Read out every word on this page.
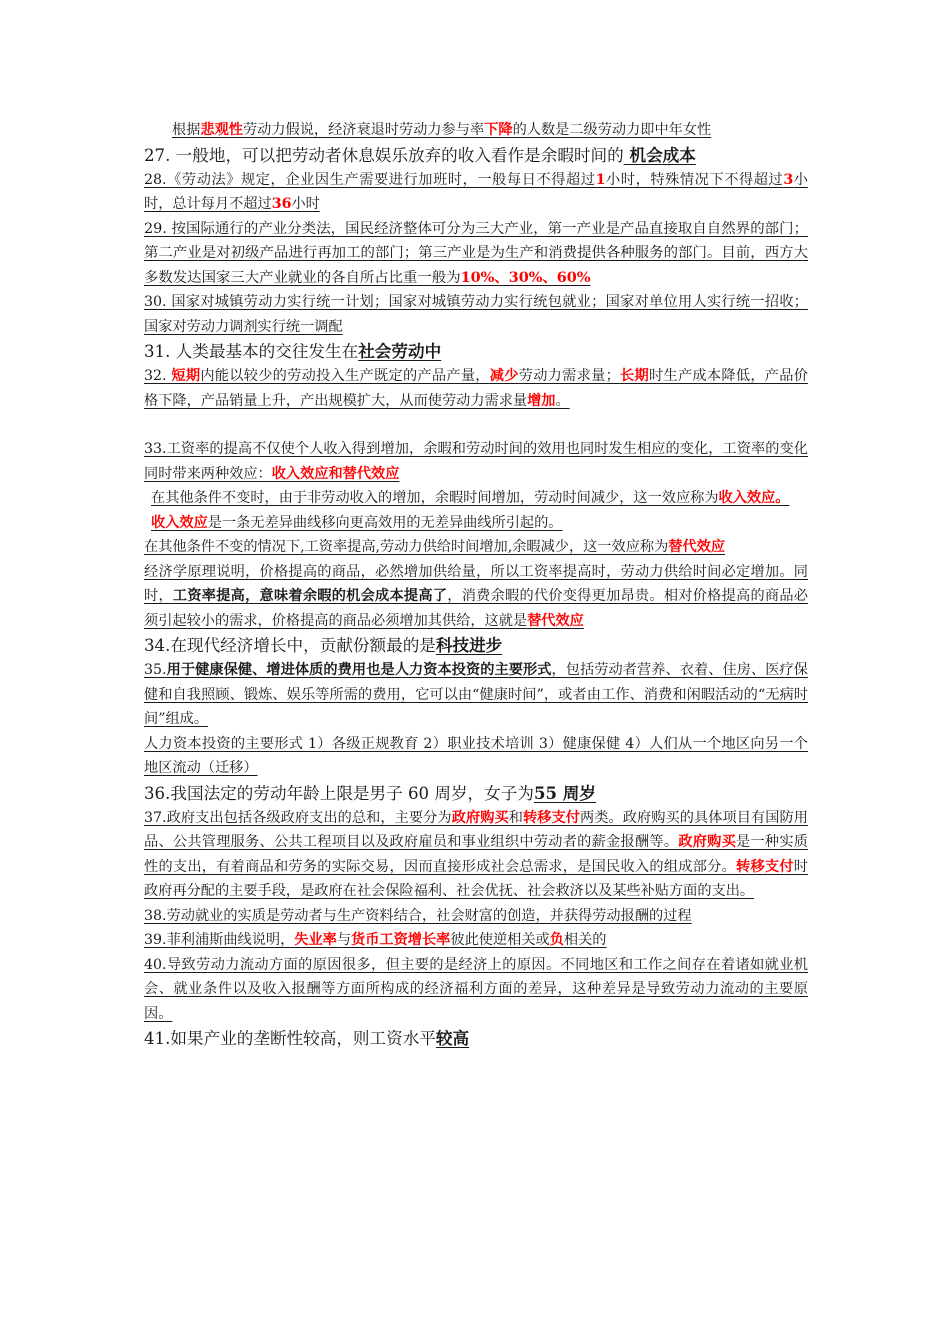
根据悲观性劳动力假说，经济衰退时劳动力参与率下降的人数是二级劳动力即中年女性

27. 一般地，可以把劳动者休息娱乐放弃的收入看作是余暇时间的 机会成本

28.《劳动法》规定，企业因生产需要进行加班时，一般每日不得超过1小时，特殊情况下不得超过3小时，总计每月不超过36小时

29. 按国际通行的产业分类法，国民经济整体可分为三大产业，第一产业是产品直接取自自然界的部门；第二产业是对初级产品进行再加工的部门；第三产业是为生产和消费提供各种服务的部门。目前，西方大多数发达国家三大产业就业的各自所占比重一般为10%、30%、60%

30. 国家对城镇劳动力实行统一计划；国家对城镇劳动力实行统包就业；国家对单位用人实行统一招收；国家对劳动力调剂实行统一调配

31. 人类最基本的交往发生在社会劳动中

32. 短期内能以较少的劳动投入生产既定的产品产量，减少劳动力需求量；长期时生产成本降低，产品价格下降，产品销量上升，产出规模扩大，从而使劳动力需求量增加。

33.工资率的提高不仅使个人收入得到增加，余暇和劳动时间的效用也同时发生相应的变化，工资率的变化同时带来两种效应：收入效应和替代效应

在其他条件不变时，由于非劳动收入的增加，余暇时间增加，劳动时间减少，这一效应称为收入效应。

收入效应是一条无差异曲线移向更高效用的无差异曲线所引起的。

在其他条件不变的情况下,工资率提高,劳动力供给时间增加,余暇减少，这一效应称为替代效应

经济学原理说明，价格提高的商品，必然增加供给量，所以工资率提高时，劳动力供给时间必定增加。同时，工资率提高，意味着余暇的机会成本提高了，消费余暇的代价变得更加昂贵。相对价格提高的商品必须引起较小的需求，价格提高的商品必须增加其供给，这就是替代效应

34.在现代经济增长中，贡献份额最的是科技进步

35.用于健康保健、增进体质的费用也是人力资本投资的主要形式，包括劳动者营养、衣着、住房、医疗保健和自我照顾、锻炼、娱乐等所需的费用，它可以由“健康时间”，或者由工作、消费和闲暇活动的“无病时间”组成。

人力资本投资的主要形式 1）各级正规教育 2）职业技术培训 3）健康保健 4）人们从一个地区向另一个地区流动（迁移）

36.我国法定的劳动年龄上限是男子 60 周岁，女子为55 周岁

37.政府支出包括各级政府支出的总和，主要分为政府购买和转移支付两类。政府购买的具体项目有国防用品、公共管理服务、公共工程项目以及政府雇员和事业组织中劳动者的薪金报酬等。政府购买是一种实质性的支出，有着商品和劳务的实际交易，因而直接形成社会总需求，是国民收入的组成部分。转移支付时政府再分配的主要手段，是政府在社会保险福利、社会优抚、社会救济以及某些补贴方面的支出。

38.劳动就业的实质是劳动者与生产资料结合，社会财富的创造，并获得劳动报酬的过程

39.菲利浦斯曲线说明，失业率与货币工资增长率彼此使逆相关或负相关的

40.导致劳动力流动方面的原因很多，但主要的是经济上的原因。不同地区和工作之间存在着诸如就业机会、就业条件以及收入报酬等方面所构成的经济福利方面的差异，这种差异是导致劳动力流动的主要原因。

41.如果产业的垄断性较高，则工资水平较高
